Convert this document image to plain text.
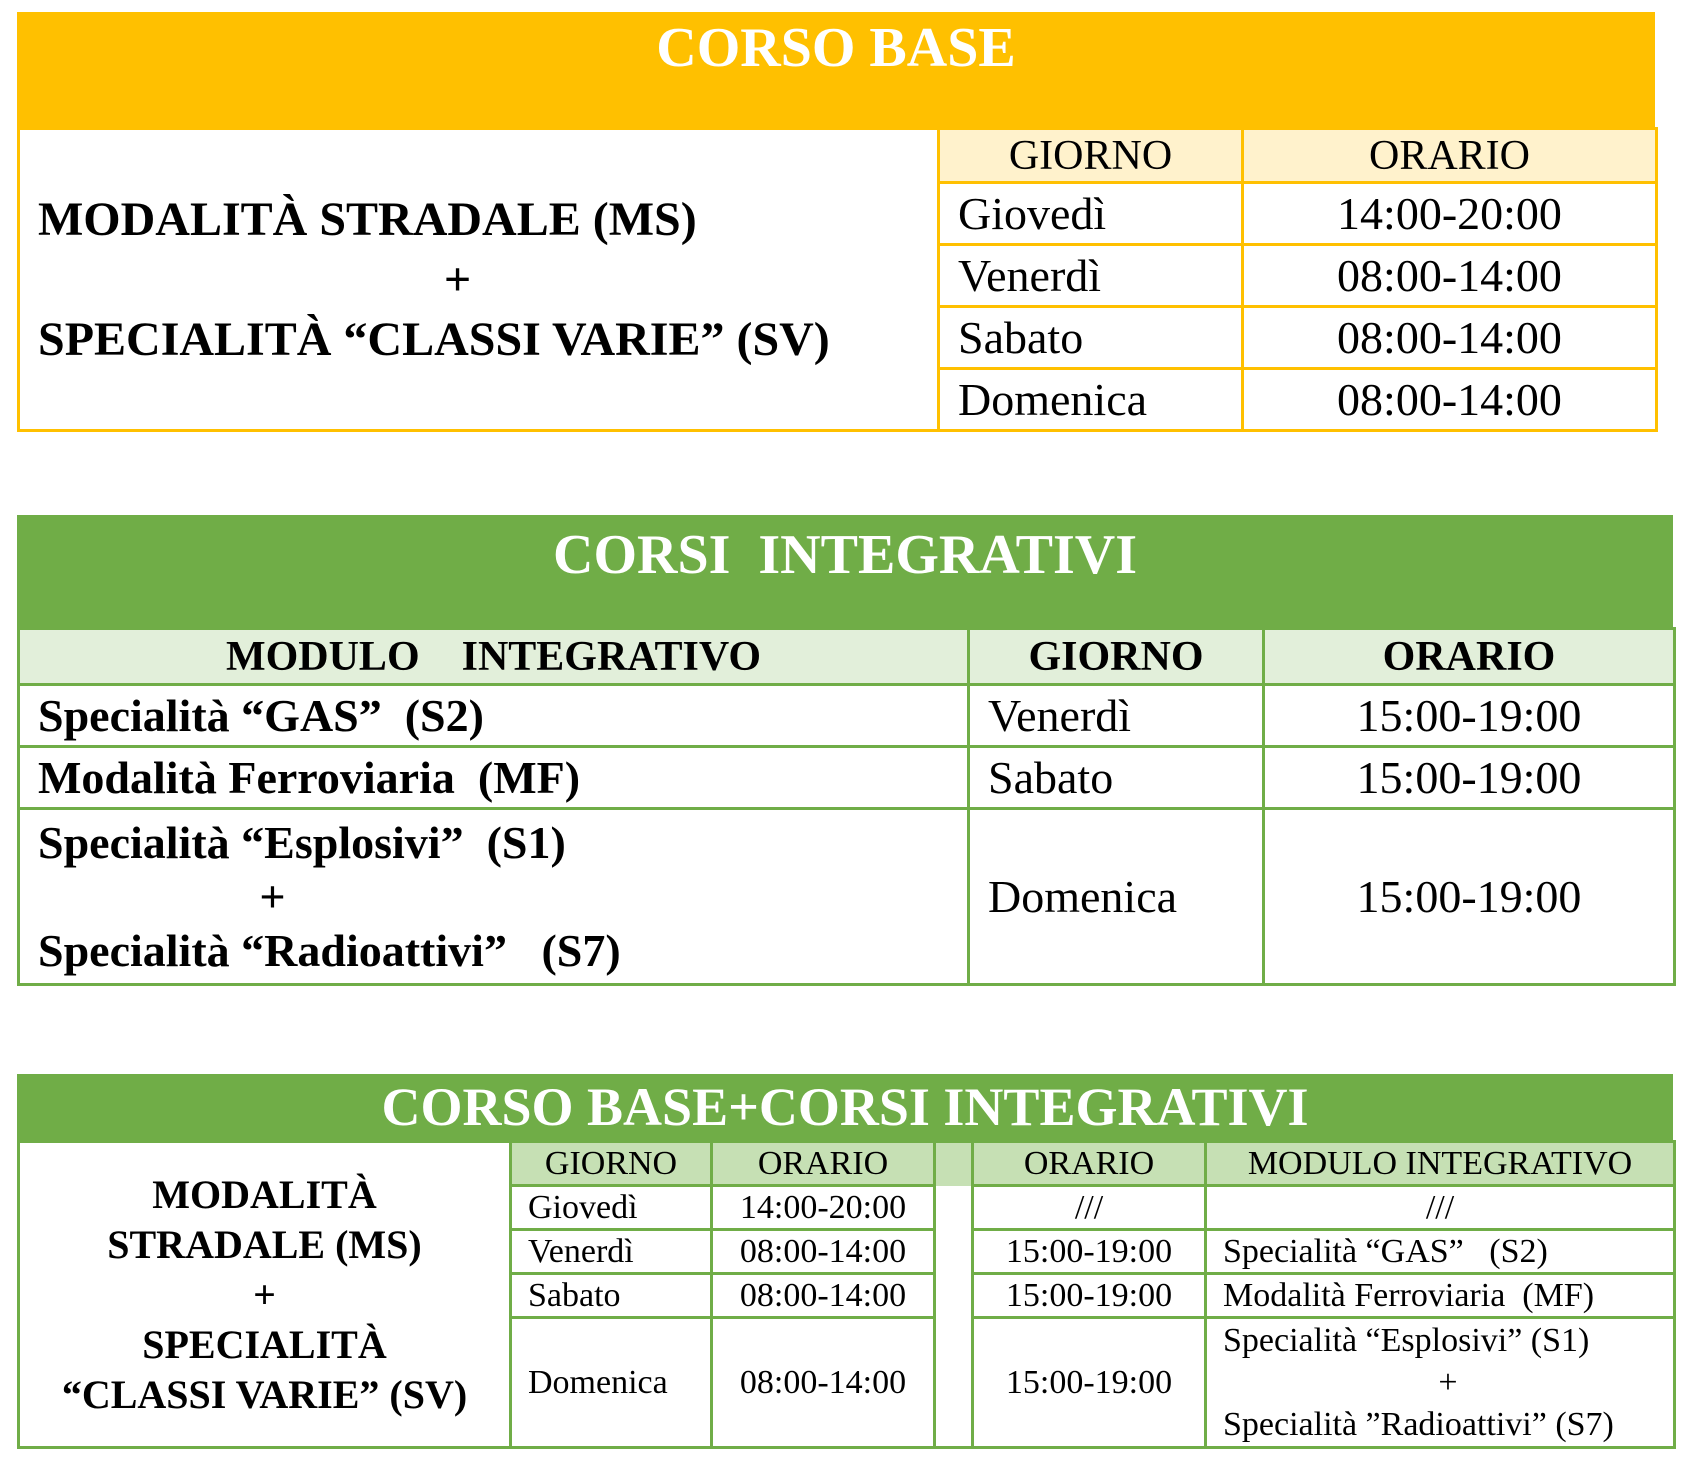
CORSO BASE
MODALITÀ STRADALE (MS)
+
SPECIALITÀ “CLASSI VARIE” (SV)	GIORNO	ORARIO
	Giovedì	14:00-20:00
	Venerdì	08:00-14:00
	Sabato	08:00-14:00
	Domenica	08:00-14:00
CORSI  INTEGRATIVI
MODULO    INTEGRATIVO	GIORNO	ORARIO
Specialità “GAS”  (S2)	Venerdì	15:00-19:00
Modalità Ferroviaria  (MF)	Sabato	15:00-19:00

Specialità “Esplosivi”  (S1)
+
Specialità “Radioattivi”   (S7)	Domenica	15:00-19:00
CORSO BASE+CORSI INTEGRATIVI
MODALITÀ
STRADALE (MS)
+
SPECIALITÀ
“CLASSI VARIE” (SV)	GIORNO	ORARIO		ORARIO	MODULO INTEGRATIVO
	Giovedì	14:00-20:00		///	///
	Venerdì	08:00-14:00		15:00-19:00	Specialità “GAS”   (S2)
	Sabato	08:00-14:00		15:00-19:00	Modalità Ferroviaria  (MF)
	Domenica	08:00-14:00		15:00-19:00	Specialità “Esplosivi” (S1)
+
Specialità ”Radioattivi” (S7)
